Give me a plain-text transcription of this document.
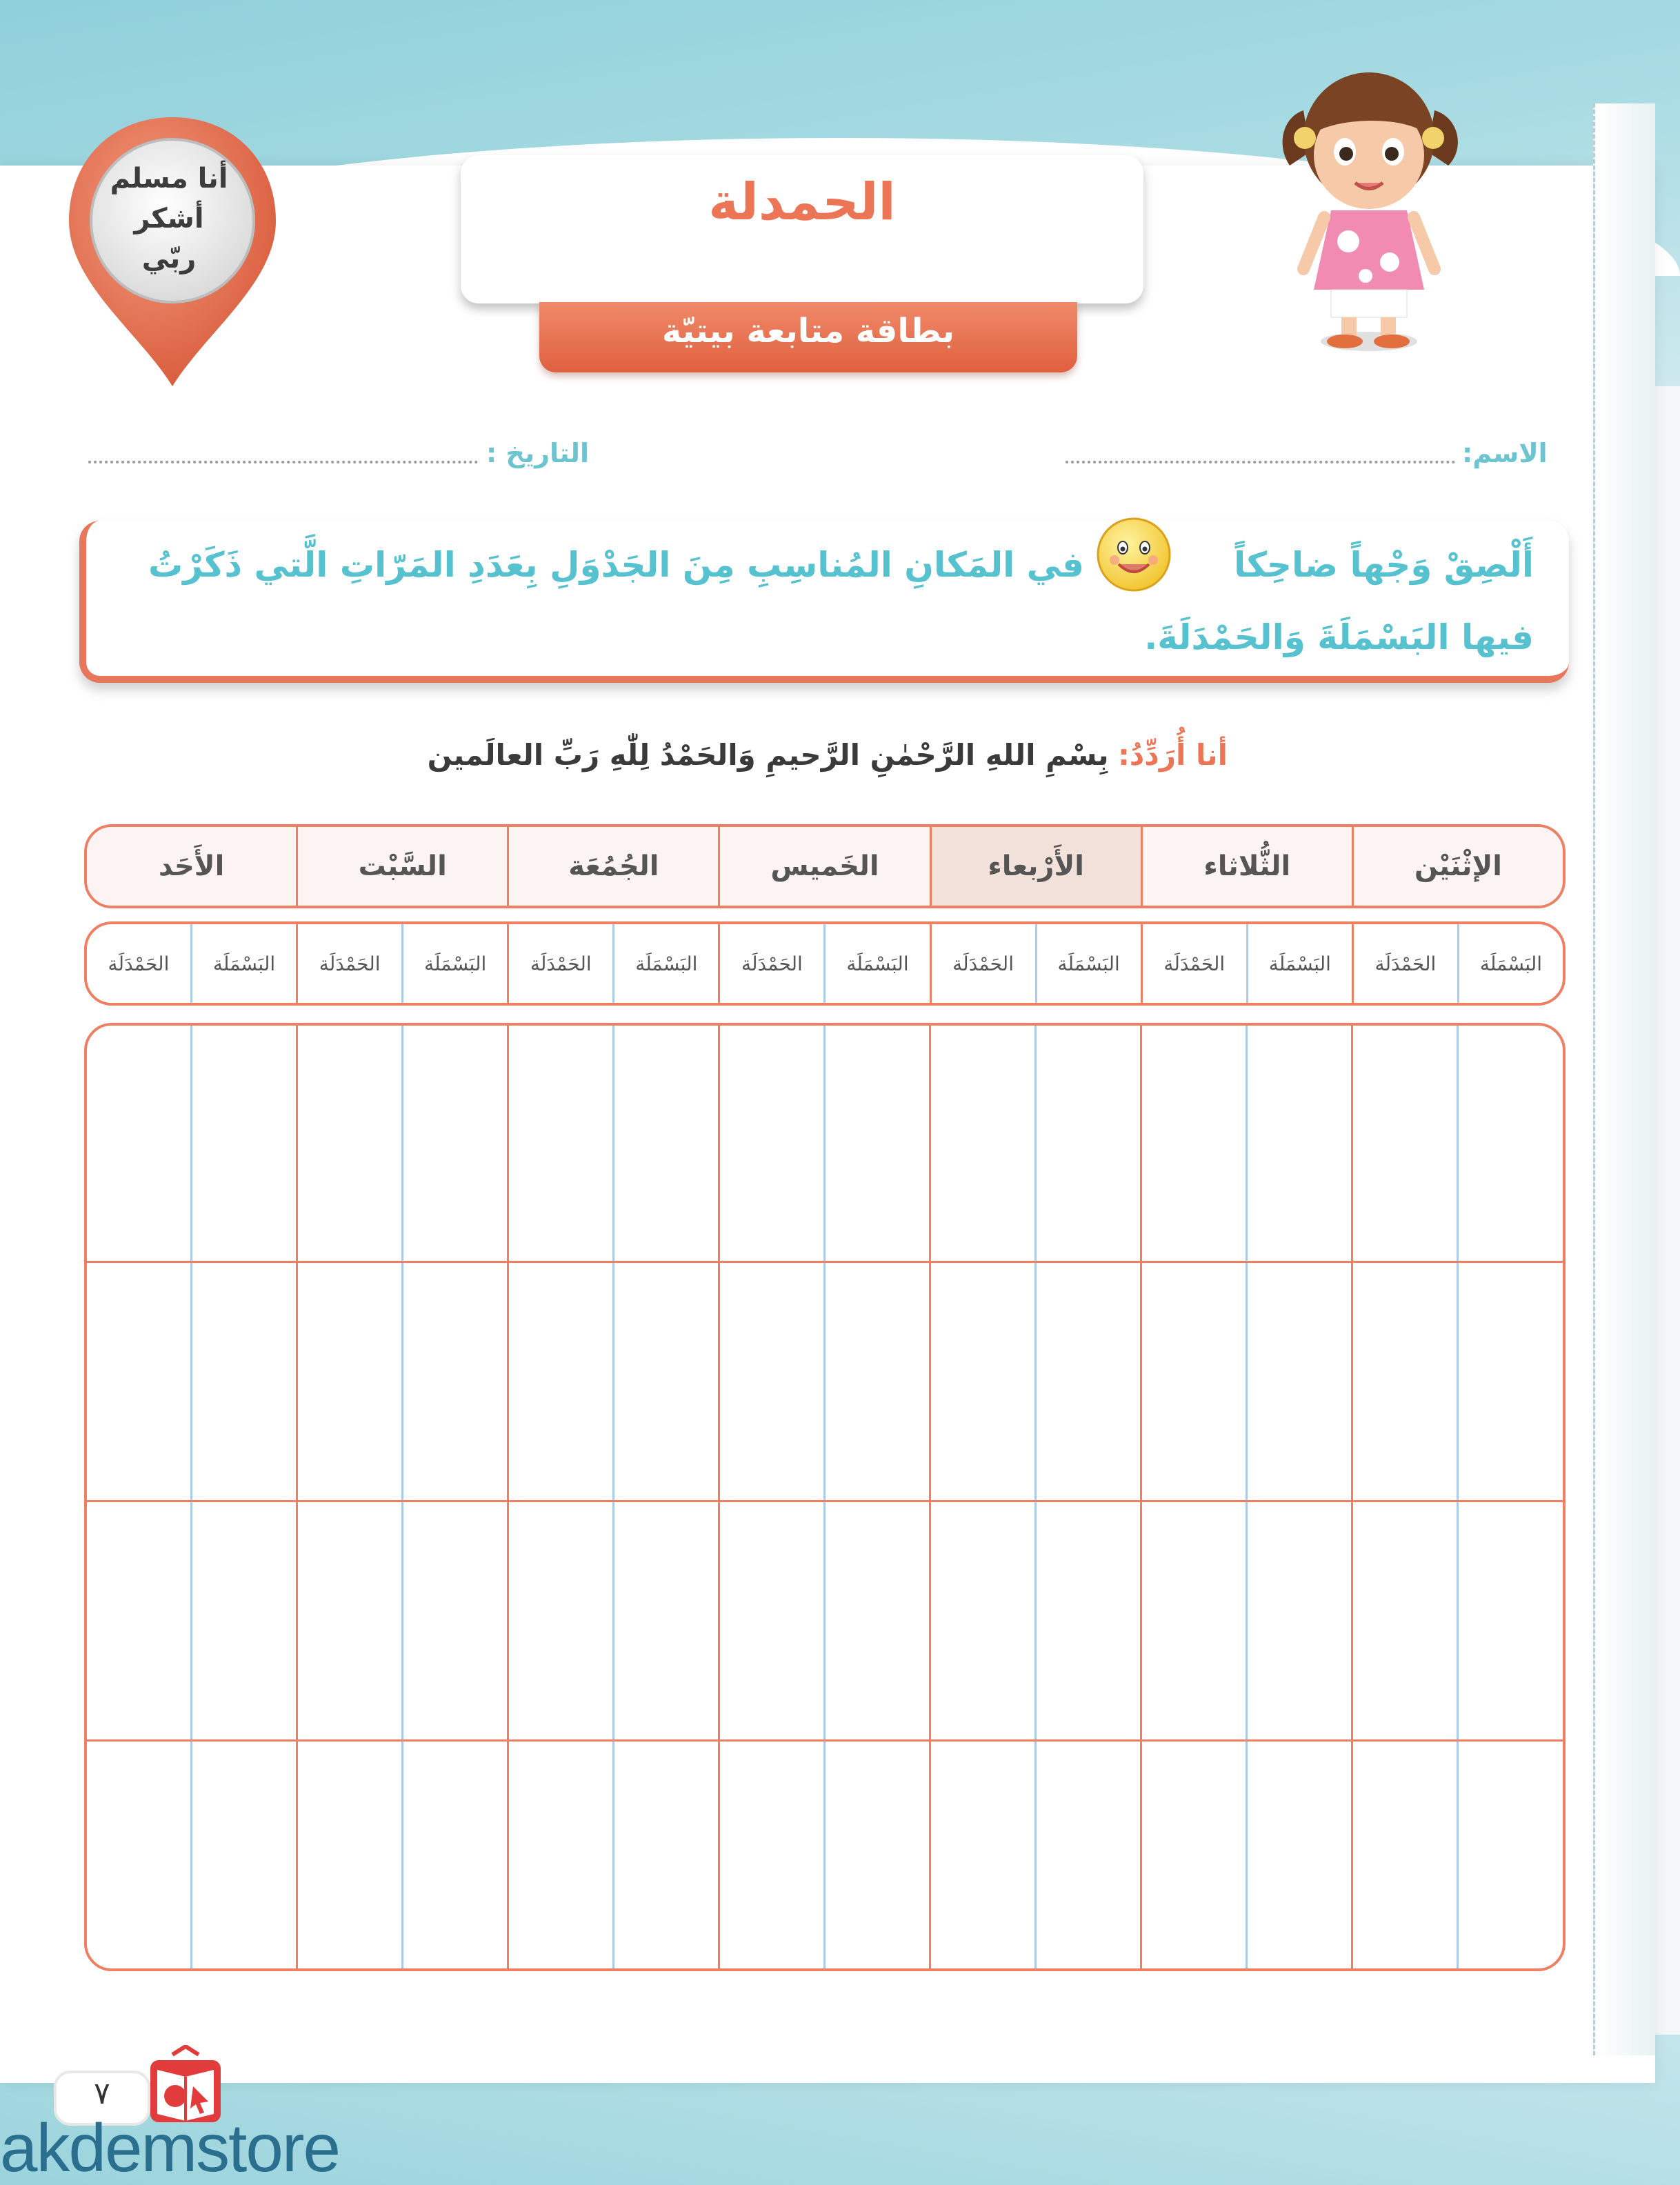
أنا مسلم
أشكر ربّي
الحمدلة
بطاقة متابعة بيتيّة
الاسم:
التاريخ :
أَلْصِقْ وَجْهاً ضاحِكاً
في المَكانِ المُناسِبِ مِنَ الجَدْوَلِ بِعَدَدِ المَرّاتِ الَّتي ذَكَرْتُ
فيها البَسْمَلَةَ وَالحَمْدَلَةَ.
أنا أُرَدِّدُ: بِسْمِ اللهِ الرَّحْمٰنِ الرَّحيمِ وَالحَمْدُ لِلّٰهِ رَبِّ العالَمين
الإثْنَيْن
الثُّلاثاء
الأَرْبعاء
الخَميس
الجُمُعَة
السَّبْت
الأَحَد
البَسْمَلَة
الحَمْدَلَة
البَسْمَلَة
الحَمْدَلَة
البَسْمَلَة
الحَمْدَلَة
البَسْمَلَة
الحَمْدَلَة
البَسْمَلَة
الحَمْدَلَة
البَسْمَلَة
الحَمْدَلَة
البَسْمَلَة
الحَمْدَلَة
٧
akdemstore
